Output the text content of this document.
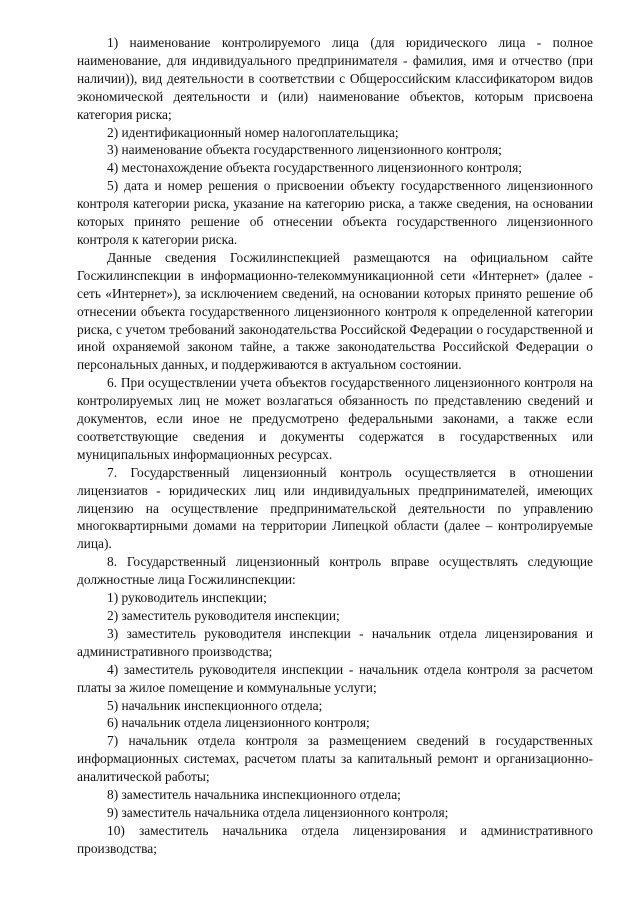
1) наименование контролируемого лица (для юридического лица - полное наименование, для индивидуального предпринимателя - фамилия, имя и отчество (при наличии)), вид деятельности в соответствии с Общероссийским классификатором видов экономической деятельности и (или) наименование объектов, которым присвоена категория риска;

2) идентификационный номер налогоплательщика;

3) наименование объекта государственного лицензионного контроля;

4) местонахождение объекта государственного лицензионного контроля;

5) дата и номер решения о присвоении объекту государственного лицензионного контроля категории риска, указание на категорию риска, а также сведения, на основании которых принято решение об отнесении объекта государственного лицензионного контроля к категории риска.

Данные сведения Госжилинспекцией размещаются на официальном сайте Госжилинспекции в информационно-телекоммуникационной сети «Интернет» (далее - сеть «Интернет»), за исключением сведений, на основании которых принято решение об отнесении объекта государственного лицензионного контроля к определенной категории риска, с учетом требований законодательства Российской Федерации о государственной и иной охраняемой законом тайне, а также законодательства Российской Федерации о персональных данных, и поддерживаются в актуальном состоянии.

6. При осуществлении учета объектов государственного лицензионного контроля на контролируемых лиц не может возлагаться обязанность по представлению сведений и документов, если иное не предусмотрено федеральными законами, а также если соответствующие сведения и документы содержатся в государственных или муниципальных информационных ресурсах.

7. Государственный лицензионный контроль осуществляется в отношении лицензиатов - юридических лиц или индивидуальных предпринимателей, имеющих лицензию на осуществление предпринимательской деятельности по управлению многоквартирными домами на территории Липецкой области (далее – контролируемые лица).

8. Государственный лицензионный контроль вправе осуществлять следующие должностные лица Госжилинспекции:

1) руководитель инспекции;

2) заместитель руководителя инспекции;

3) заместитель руководителя инспекции - начальник отдела лицензирования и административного производства;

4) заместитель руководителя инспекции - начальник отдела контроля за расчетом платы за жилое помещение и коммунальные услуги;

5) начальник инспекционного отдела;

6) начальник отдела лицензионного контроля;

7) начальник отдела контроля за размещением сведений в государственных информационных системах, расчетом платы за капитальный ремонт и организационно-аналитической работы;

8) заместитель начальника инспекционного отдела;

9) заместитель начальника отдела лицензионного контроля;

10) заместитель начальника отдела лицензирования и административного производства;
